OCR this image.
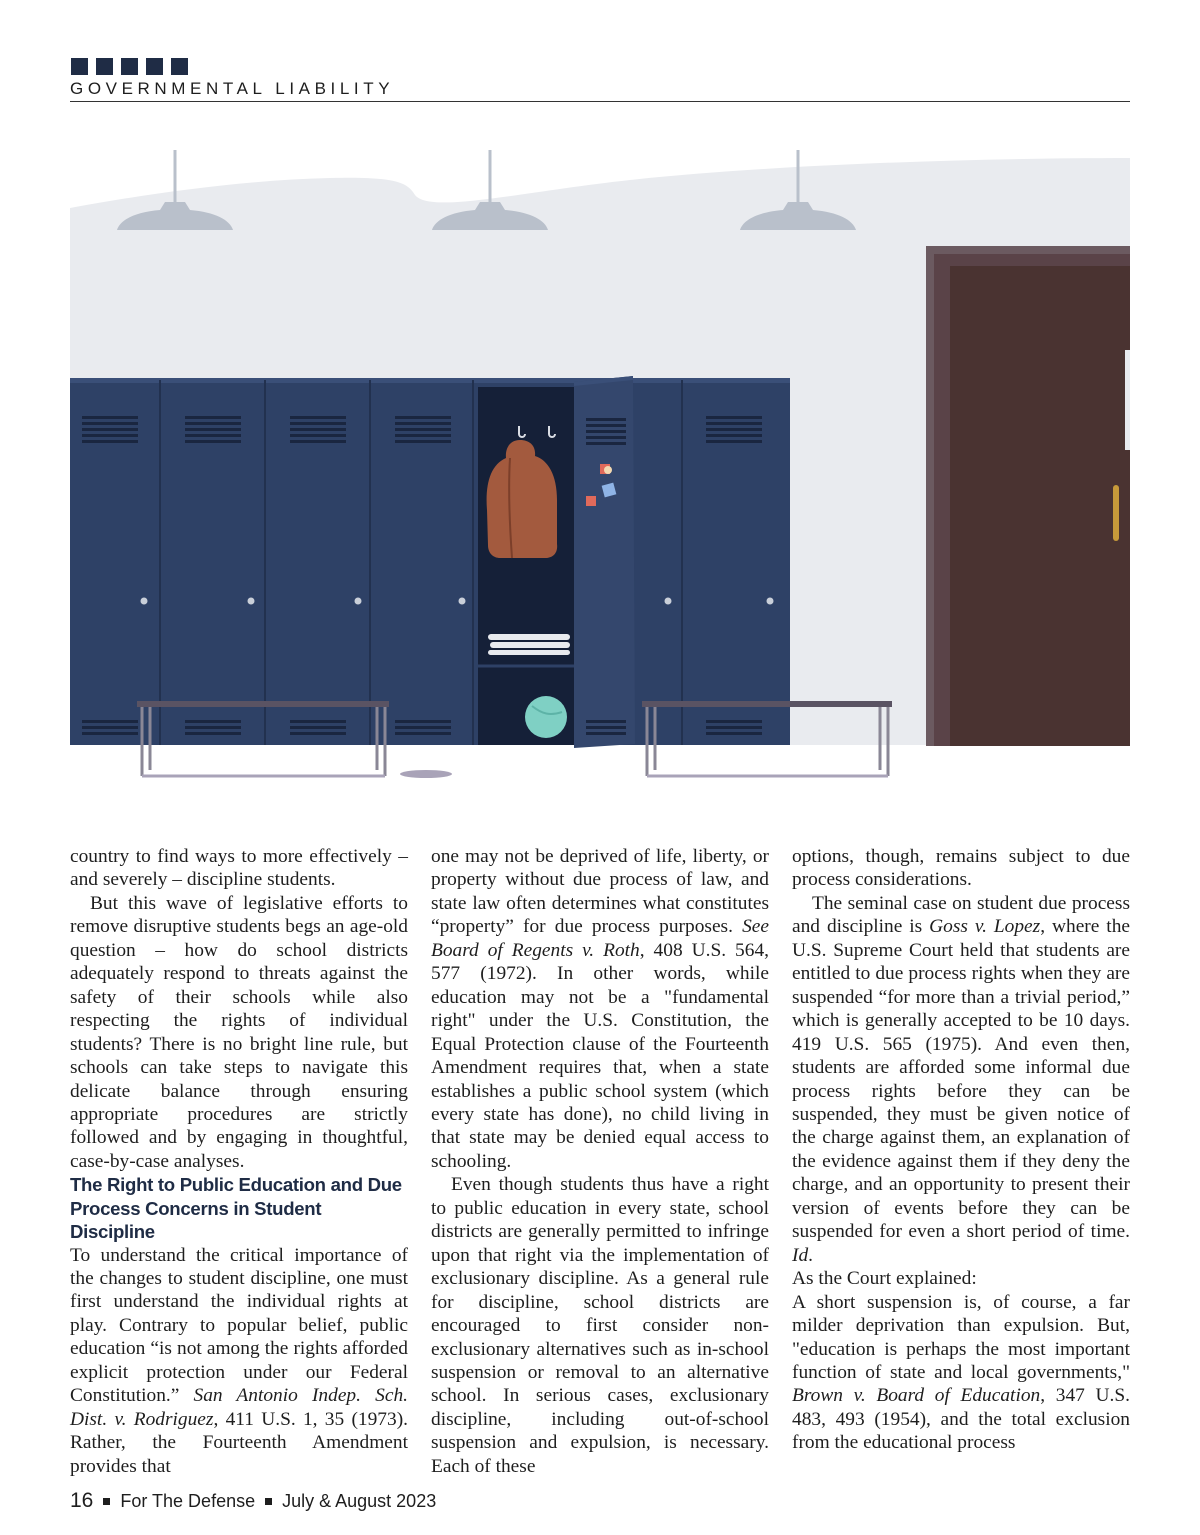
GOVERNMENTAL LIABILITY

country to find ways to more effectively – and severely – discipline students.

But this wave of legislative efforts to remove disruptive students begs an age-old question – how do school districts adequately respond to threats against the safety of their schools while also respecting the rights of individual students? There is no bright line rule, but schools can take steps to navigate this delicate balance through ensuring appropriate procedures are strictly followed and by engaging in thoughtful, case-by-case analyses.

The Right to Public Education and Due Process Concerns in Student Discipline

To understand the critical importance of the changes to student discipline, one must first understand the individual rights at play. Contrary to popular belief, public education “is not among the rights afforded explicit protection under our Federal Constitution.” San Antonio Indep. Sch. Dist. v. Rodriguez, 411 U.S. 1, 35 (1973). Rather, the Fourteenth Amendment provides that

one may not be deprived of life, liberty, or property without due process of law, and state law often determines what constitutes “property” for due process purposes. See Board of Regents v. Roth, 408 U.S. 564, 577 (1972). In other words, while education may not be a "fundamental right" under the U.S. Constitution, the Equal Protection clause of the Fourteenth Amendment requires that, when a state establishes a public school system (which every state has done), no child living in that state may be denied equal access to schooling.

Even though students thus have a right to public education in every state, school districts are generally permitted to infringe upon that right via the implementation of exclusionary discipline. As a general rule for discipline, school districts are encouraged to first consider non-exclusionary alternatives such as in-school suspension or removal to an alternative school. In serious cases, exclusionary discipline, including out-of-school suspension and expulsion, is necessary. Each of these

options, though, remains subject to due process considerations.

The seminal case on student due process and discipline is Goss v. Lopez, where the U.S. Supreme Court held that students are entitled to due process rights when they are suspended “for more than a trivial period,” which is generally accepted to be 10 days. 419 U.S. 565 (1975). And even then, students are afforded some informal due process rights before they can be suspended, they must be given notice of the charge against them, an explanation of the evidence against them if they deny the charge, and an opportunity to present their version of events before they can be suspended for even a short period of time. Id.

As the Court explained:

A short suspension is, of course, a far milder deprivation than expulsion. But, "education is perhaps the most important function of state and local governments," Brown v. Board of Education, 347 U.S. 483, 493 (1954), and the total exclusion from the educational process

16 For The Defense July & August 2023
